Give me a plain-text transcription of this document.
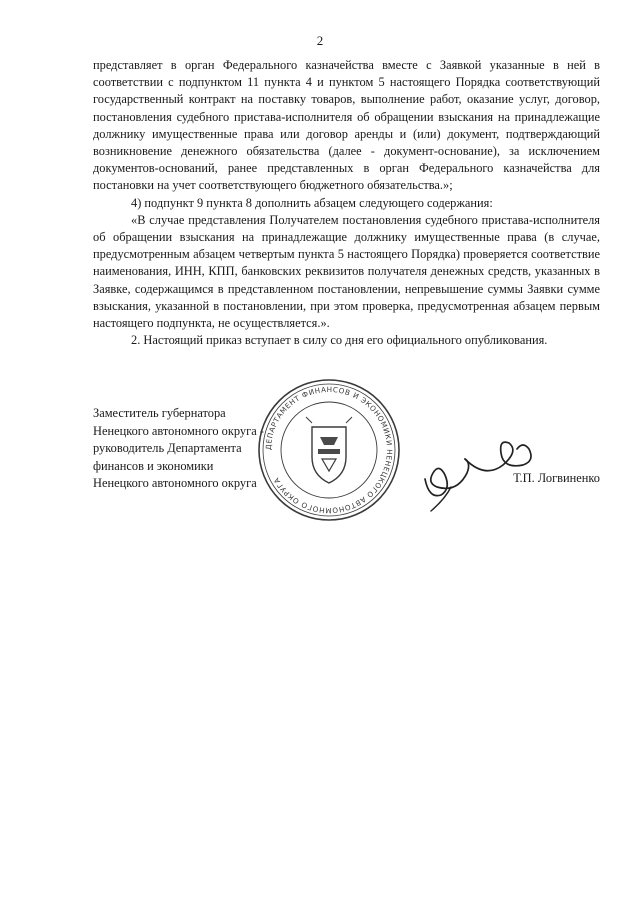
2

представляет в орган Федерального казначейства вместе с Заявкой указанные в ней в соответствии с подпунктом 11 пункта 4 и пунктом 5 настоящего Порядка соответствующий государственный контракт на поставку товаров, выполнение работ, оказание услуг, договор, постановления судебного пристава-исполнителя об обращении взыскания на принадлежащие должнику имущественные права или договор аренды и (или) документ, подтверждающий возникновение денежного обязательства (далее - документ-основание), за исключением документов-оснований, ранее представленных в орган Федерального казначейства для постановки на учет соответствующего бюджетного обязательства.»;

4) подпункт 9 пункта 8 дополнить абзацем следующего содержания:

«В случае представления Получателем постановления судебного пристава-исполнителя об обращении взыскания на принадлежащие должнику имущественные права (в случае, предусмотренным абзацем четвертым пункта 5 настоящего Порядка) проверяется соответствие наименования, ИНН, КПП, банковских реквизитов получателя денежных средств, указанных в Заявке, содержащимся в представленном постановлении, непревышение суммы Заявки сумме взыскания, указанной в постановлении, при этом проверка, предусмотренная абзацем первым настоящего подпункта, не осуществляется.».

2. Настоящий приказ вступает в силу со дня его официального опубликования.

Заместитель губернатора
Ненецкого автономного округа -
руководитель Департамента
финансов и экономики
Ненецкого автономного округа
ДЕПАРТАМЕНТ ФИНАНСОВ И ЭКОНОМИКИ НЕНЕЦКОГО АВТОНОМНОГО ОКРУГА	Т.П. Логвиненко
